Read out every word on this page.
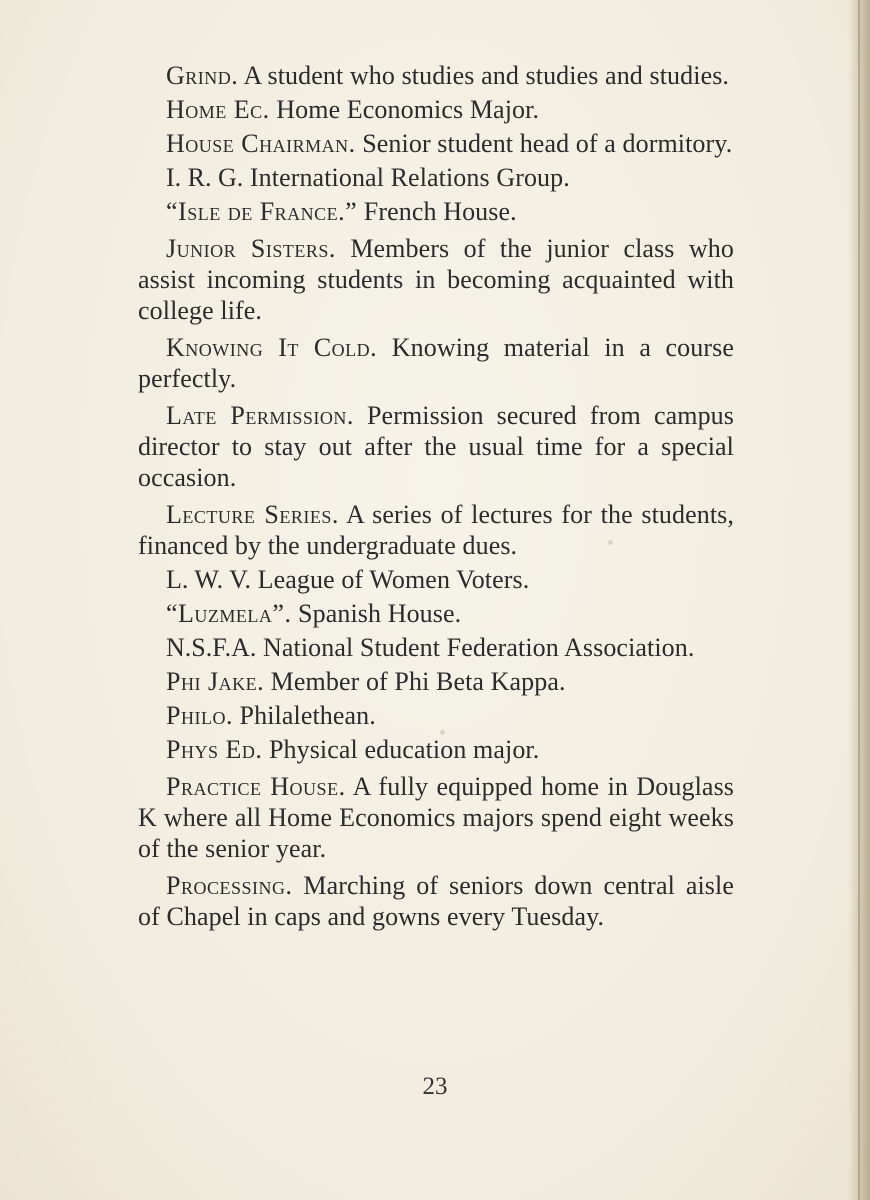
Grind. A student who studies and studies and studies.

Home Ec. Home Economics Major.

House Chairman. Senior student head of a dormitory.

I. R. G. International Relations Group.

“Isle de France.” French House.

Junior Sisters. Members of the junior class who assist incoming students in becoming acquainted with college life.

Knowing It Cold. Knowing material in a course perfectly.

Late Permission. Permission secured from campus director to stay out after the usual time for a special occasion.

Lecture Series. A series of lectures for the students, financed by the undergraduate dues.

L. W. V. League of Women Voters.

“Luzmela”. Spanish House.

N.S.F.A. National Student Federation Association.

Phi Jake. Member of Phi Beta Kappa.

Philo. Philalethean.

Phys Ed. Physical education major.

Practice House. A fully equipped home in Douglass K where all Home Economics majors spend eight weeks of the senior year.

Processing. Marching of seniors down central aisle of Chapel in caps and gowns every Tuesday.

23
